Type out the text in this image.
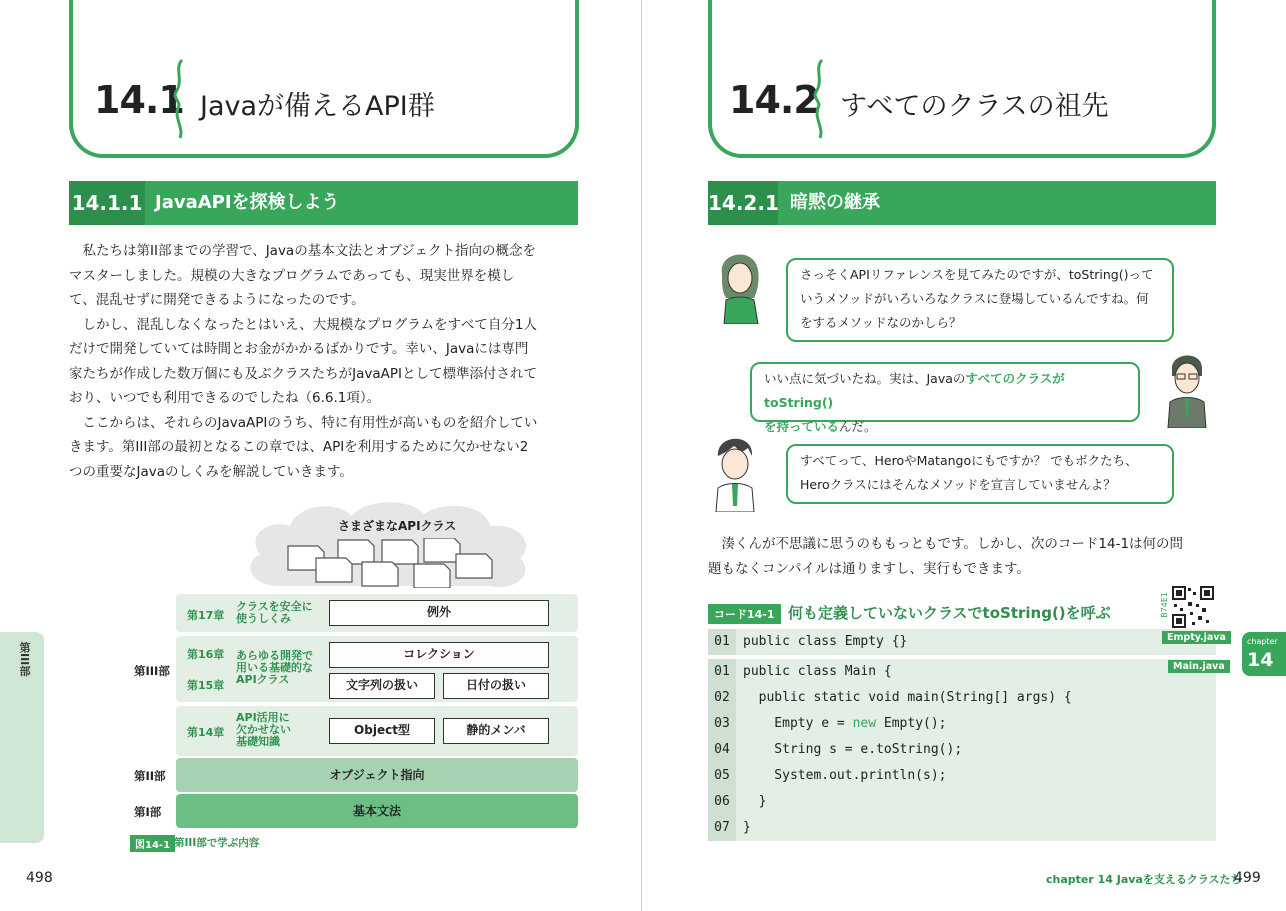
14.1 Javaが備えるAPI群
14.1.1 JavaAPIを探検しよう

私たちは第II部までの学習で、Javaの基本文法とオブジェクト指向の概念をマスターしました。規模の大きなプログラムであっても、現実世界を模して、混乱せずに開発できるようになったのです。

しかし、混乱しなくなったとはいえ、大規模なプログラムをすべて自分1人だけで開発していては時間とお金がかかるばかりです。幸い、Javaには専門家たちが作成した数万個にも及ぶクラスたちがJavaAPIとして標準添付されており、いつでも利用できるのでしたね（6.6.1項）。

ここからは、それらのJavaAPIのうち、特に有用性が高いものを紹介していきます。第III部の最初となるこの章では、APIを利用するために欠かせない2つの重要なJavaのしくみを解説していきます。

さまざまなAPIクラス
第III部
第17章
クラスを安全に
使うしくみ	例外
第16章 あらゆる開発で
用いる基礎的な
APIクラス
コレクション
第15章	文字列の扱い	日付の扱い
第14章
API活用に
欠かせない
基礎知識
Object型	静的メンバ
第II部	オブジェクト指向
第I部	基本文法
図14-1 第III部で学ぶ内容
第III部
498
14.2 すべてのクラスの祖先
14.2.1 暗黙の継承
さっそくAPIリファレンスを見てみたのですが、toString()っていうメソッドがいろいろなクラスに登場しているんですね。何をするメソッドなのかしら？
いい点に気づいたね。実は、JavaのすべてのクラスがtoString()
を持っているんだ。
すべてって、HeroやMatangoにもですか？ でもボクたち、Heroクラスにはそんなメソッドを宣言していませんよ？

湊くんが不思議に思うのももっともです。しかし、次のコード14-1は何の問題もなくコンパイルは通りますし、実行もできます。

コード14-1 何も定義していないクラスでtoString()を呼ぶ	B74E1
01	public class Empty {}	Empty.java
01	public class Main {
02	public static void main(String[] args) {
03	Empty e = new Empty();
04	String s = e.toString();
05	System.out.println(s);
06	}
07	}
Main.java
chapter
14
chapter 14 Javaを支えるクラスたち
499
